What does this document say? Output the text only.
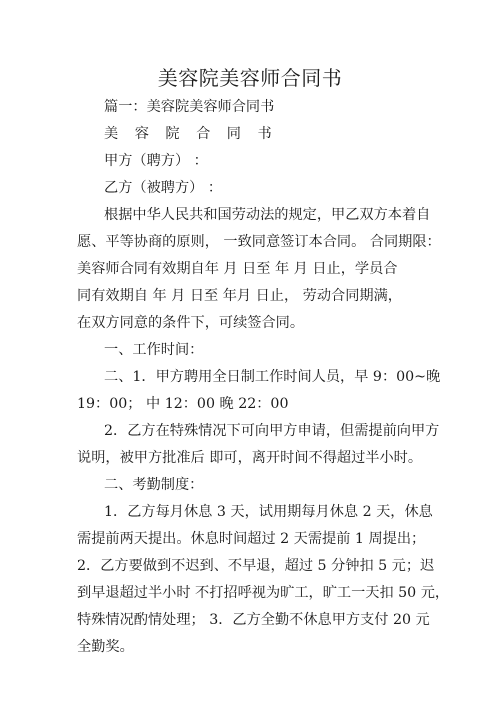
美容院美容师合同书
篇一：美容院美容师合同书
美 容 院 合 同 书
甲方（聘方） ：
乙方（被聘方） ：
根据中华人民共和国劳动法的规定，甲乙双方本着自
愿、平等协商的原则， 一致同意签订本合同。 合同期限：
美容师合同有效期自年 月 日至 年 月 日止，学员合
同有效期自 年 月 日至 年月 日止， 劳动合同期满，
在双方同意的条件下，可续签合同。
一、工作时间：
二、1．甲方聘用全日制工作时间人员，早 9：00~晚
19：00； 中 12：00 晚 22：00
2．乙方在特殊情况下可向甲方申请，但需提前向甲方
说明，被甲方批准后 即可，离开时间不得超过半小时。
二、考勤制度：
1．乙方每月休息 3 天，试用期每月休息 2 天，休息
需提前两天提出。休息时间超过 2 天需提前 1 周提出；
2．乙方要做到不迟到、不早退，超过 5 分钟扣 5 元；迟
到早退超过半小时 不打招呼视为旷工，旷工一天扣 50 元，
特殊情况酌情处理； 3．乙方全勤不休息甲方支付 20 元
全勤奖。
